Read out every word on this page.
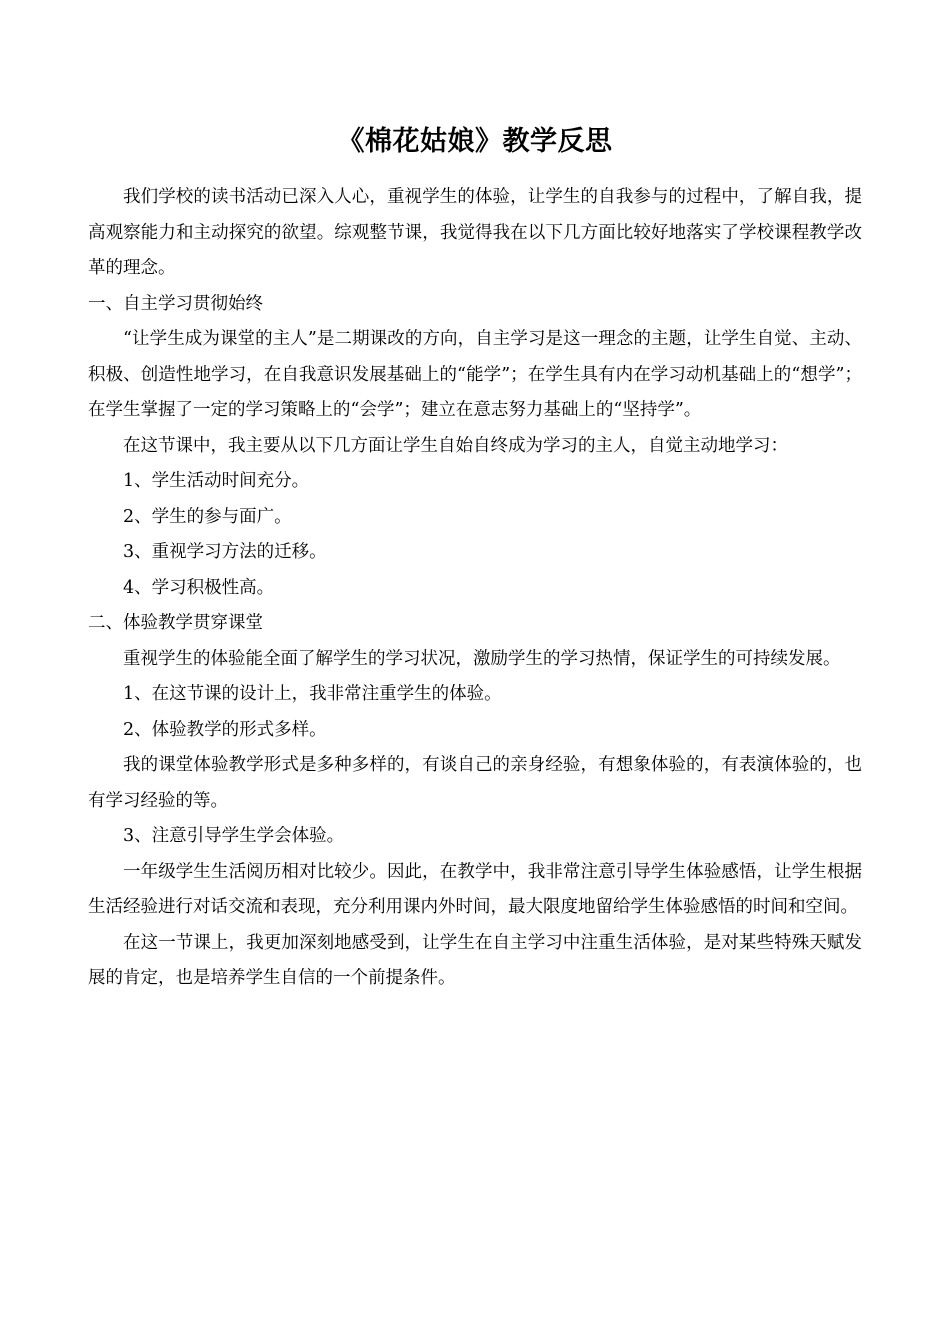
《棉花姑娘》教学反思

我们学校的读书活动已深入人心，重视学生的体验，让学生的自我参与的过程中，了解自我，提高观察能力和主动探究的欲望。综观整节课，我觉得我在以下几方面比较好地落实了学校课程教学改革的理念。

一、自主学习贯彻始终

“让学生成为课堂的主人”是二期课改的方向，自主学习是这一理念的主题，让学生自觉、主动、积极、创造性地学习，在自我意识发展基础上的“能学”；在学生具有内在学习动机基础上的“想学”；在学生掌握了一定的学习策略上的“会学”；建立在意志努力基础上的“坚持学”。

在这节课中，我主要从以下几方面让学生自始自终成为学习的主人，自觉主动地学习：

1、学生活动时间充分。

2、学生的参与面广。

3、重视学习方法的迁移。

4、学习积极性高。

二、体验教学贯穿课堂

重视学生的体验能全面了解学生的学习状况，激励学生的学习热情，保证学生的可持续发展。

1、在这节课的设计上，我非常注重学生的体验。

2、体验教学的形式多样。

我的课堂体验教学形式是多种多样的，有谈自己的亲身经验，有想象体验的，有表演体验的，也有学习经验的等。

3、注意引导学生学会体验。

一年级学生生活阅历相对比较少。因此，在教学中，我非常注意引导学生体验感悟，让学生根据生活经验进行对话交流和表现，充分利用课内外时间，最大限度地留给学生体验感悟的时间和空间。

在这一节课上，我更加深刻地感受到，让学生在自主学习中注重生活体验，是对某些特殊天赋发展的肯定，也是培养学生自信的一个前提条件。
